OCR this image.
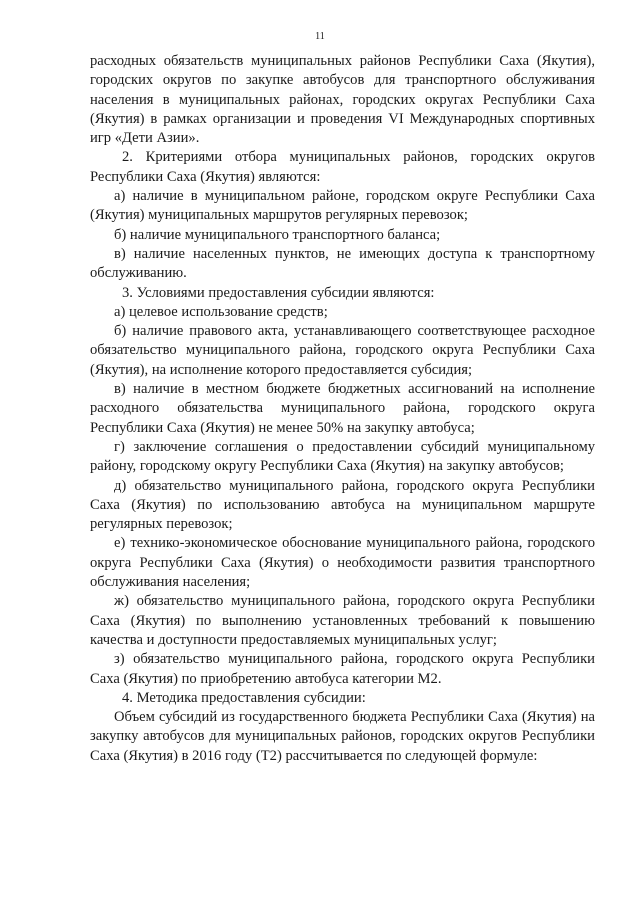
11

расходных обязательств муниципальных районов Республики Саха (Якутия), городских округов по закупке автобусов для транспортного обслуживания населения в муниципальных районах, городских округах Республики Саха (Якутия) в рамках организации и проведения VI Международных спортивных игр «Дети Азии».

2. Критериями отбора муниципальных районов, городских округов Республики Саха (Якутия) являются:

а) наличие в муниципальном районе, городском округе Республики Саха (Якутия) муниципальных маршрутов регулярных перевозок;

б) наличие муниципального транспортного баланса;

в) наличие населенных пунктов, не имеющих доступа к транспортному обслуживанию.

3. Условиями предоставления субсидии являются:

а) целевое использование средств;

б) наличие правового акта, устанавливающего соответствующее расходное обязательство муниципального района, городского округа Республики Саха (Якутия), на исполнение которого предоставляется субсидия;

в) наличие в местном бюджете бюджетных ассигнований на исполнение расходного обязательства муниципального района, городского округа Республики Саха (Якутия) не менее 50% на закупку автобуса;

г) заключение соглашения о предоставлении субсидий муниципальному району, городскому округу Республики Саха (Якутия) на закупку автобусов;

д) обязательство муниципального района, городского округа Республики Саха (Якутия) по использованию автобуса на муниципальном маршруте регулярных перевозок;

е) технико-экономическое обоснование муниципального района, городского округа Республики Саха (Якутия) о необходимости развития транспортного обслуживания населения;

ж) обязательство муниципального района, городского округа Республики Саха (Якутия) по выполнению установленных требований к повышению качества и доступности предоставляемых муниципальных услуг;

з) обязательство муниципального района, городского округа Республики Саха (Якутия) по приобретению автобуса категории М2.

4. Методика предоставления субсидии:

Объем субсидий из государственного бюджета Республики Саха (Якутия) на закупку автобусов для муниципальных районов, городских округов Республики Саха (Якутия) в 2016 году (Т2) рассчитывается по следующей формуле:
